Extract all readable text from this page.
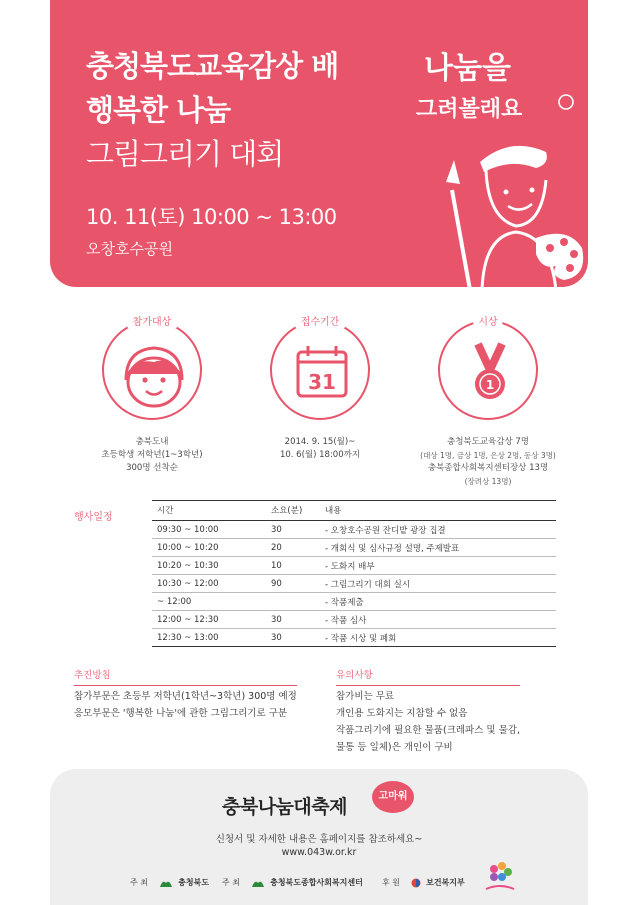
충청북도교육감상 배
행복한 나눔
그림그리기 대회
10. 11(토) 10:00 ~ 13:00
오창호수공원
나눔을
그려볼래요
참가대상
충북도내
초등학생 저학년(1~3학년)
300명 선착순
접수기간
31
2014. 9. 15(월)~
10. 6(월) 18:00까지
시상
1
충청북도교육감상 7명
(대상 1명, 금상 1명, 은상 2명, 동상 3명)
충북종합사회복지센터장상 13명
(장려상 13명)
행사일정
시간	소요(분)	내용
09:30 ~ 10:00	30	- 오창호수공원 잔디밭 광장 집결
10:00 ~ 10:20	20	- 개회식 및 심사규정 설명, 주제발표
10:20 ~ 10:30	10	- 도화지 배부
10:30 ~ 12:00	90	- 그림그리기 대회 실시
~ 12:00		- 작품제출
12:00 ~ 12:30	30	- 작품 심사
12:30 ~ 13:00	30	- 작품 시상 및 폐회
추진방침
참가부문은 초등부 저학년(1학년~3학년) 300명 예정
응모부문은 '행복한 나눔'에 관한 그림그리기로 구분
유의사항
참가비는 무료
개인용 도화지는 지참할 수 없음
작품그리기에 필요한 물품(크레파스 및 물감,
물통 등 일체)은 개인이 구비
충북나눔대축제	고마워
신청서 및 자세한 내용은 홈페이지를 참조하세요~
www.043w.or.kr
주 최	충청북도 주 최	충청북도종합사회복지센터 후 원	보건복지부
